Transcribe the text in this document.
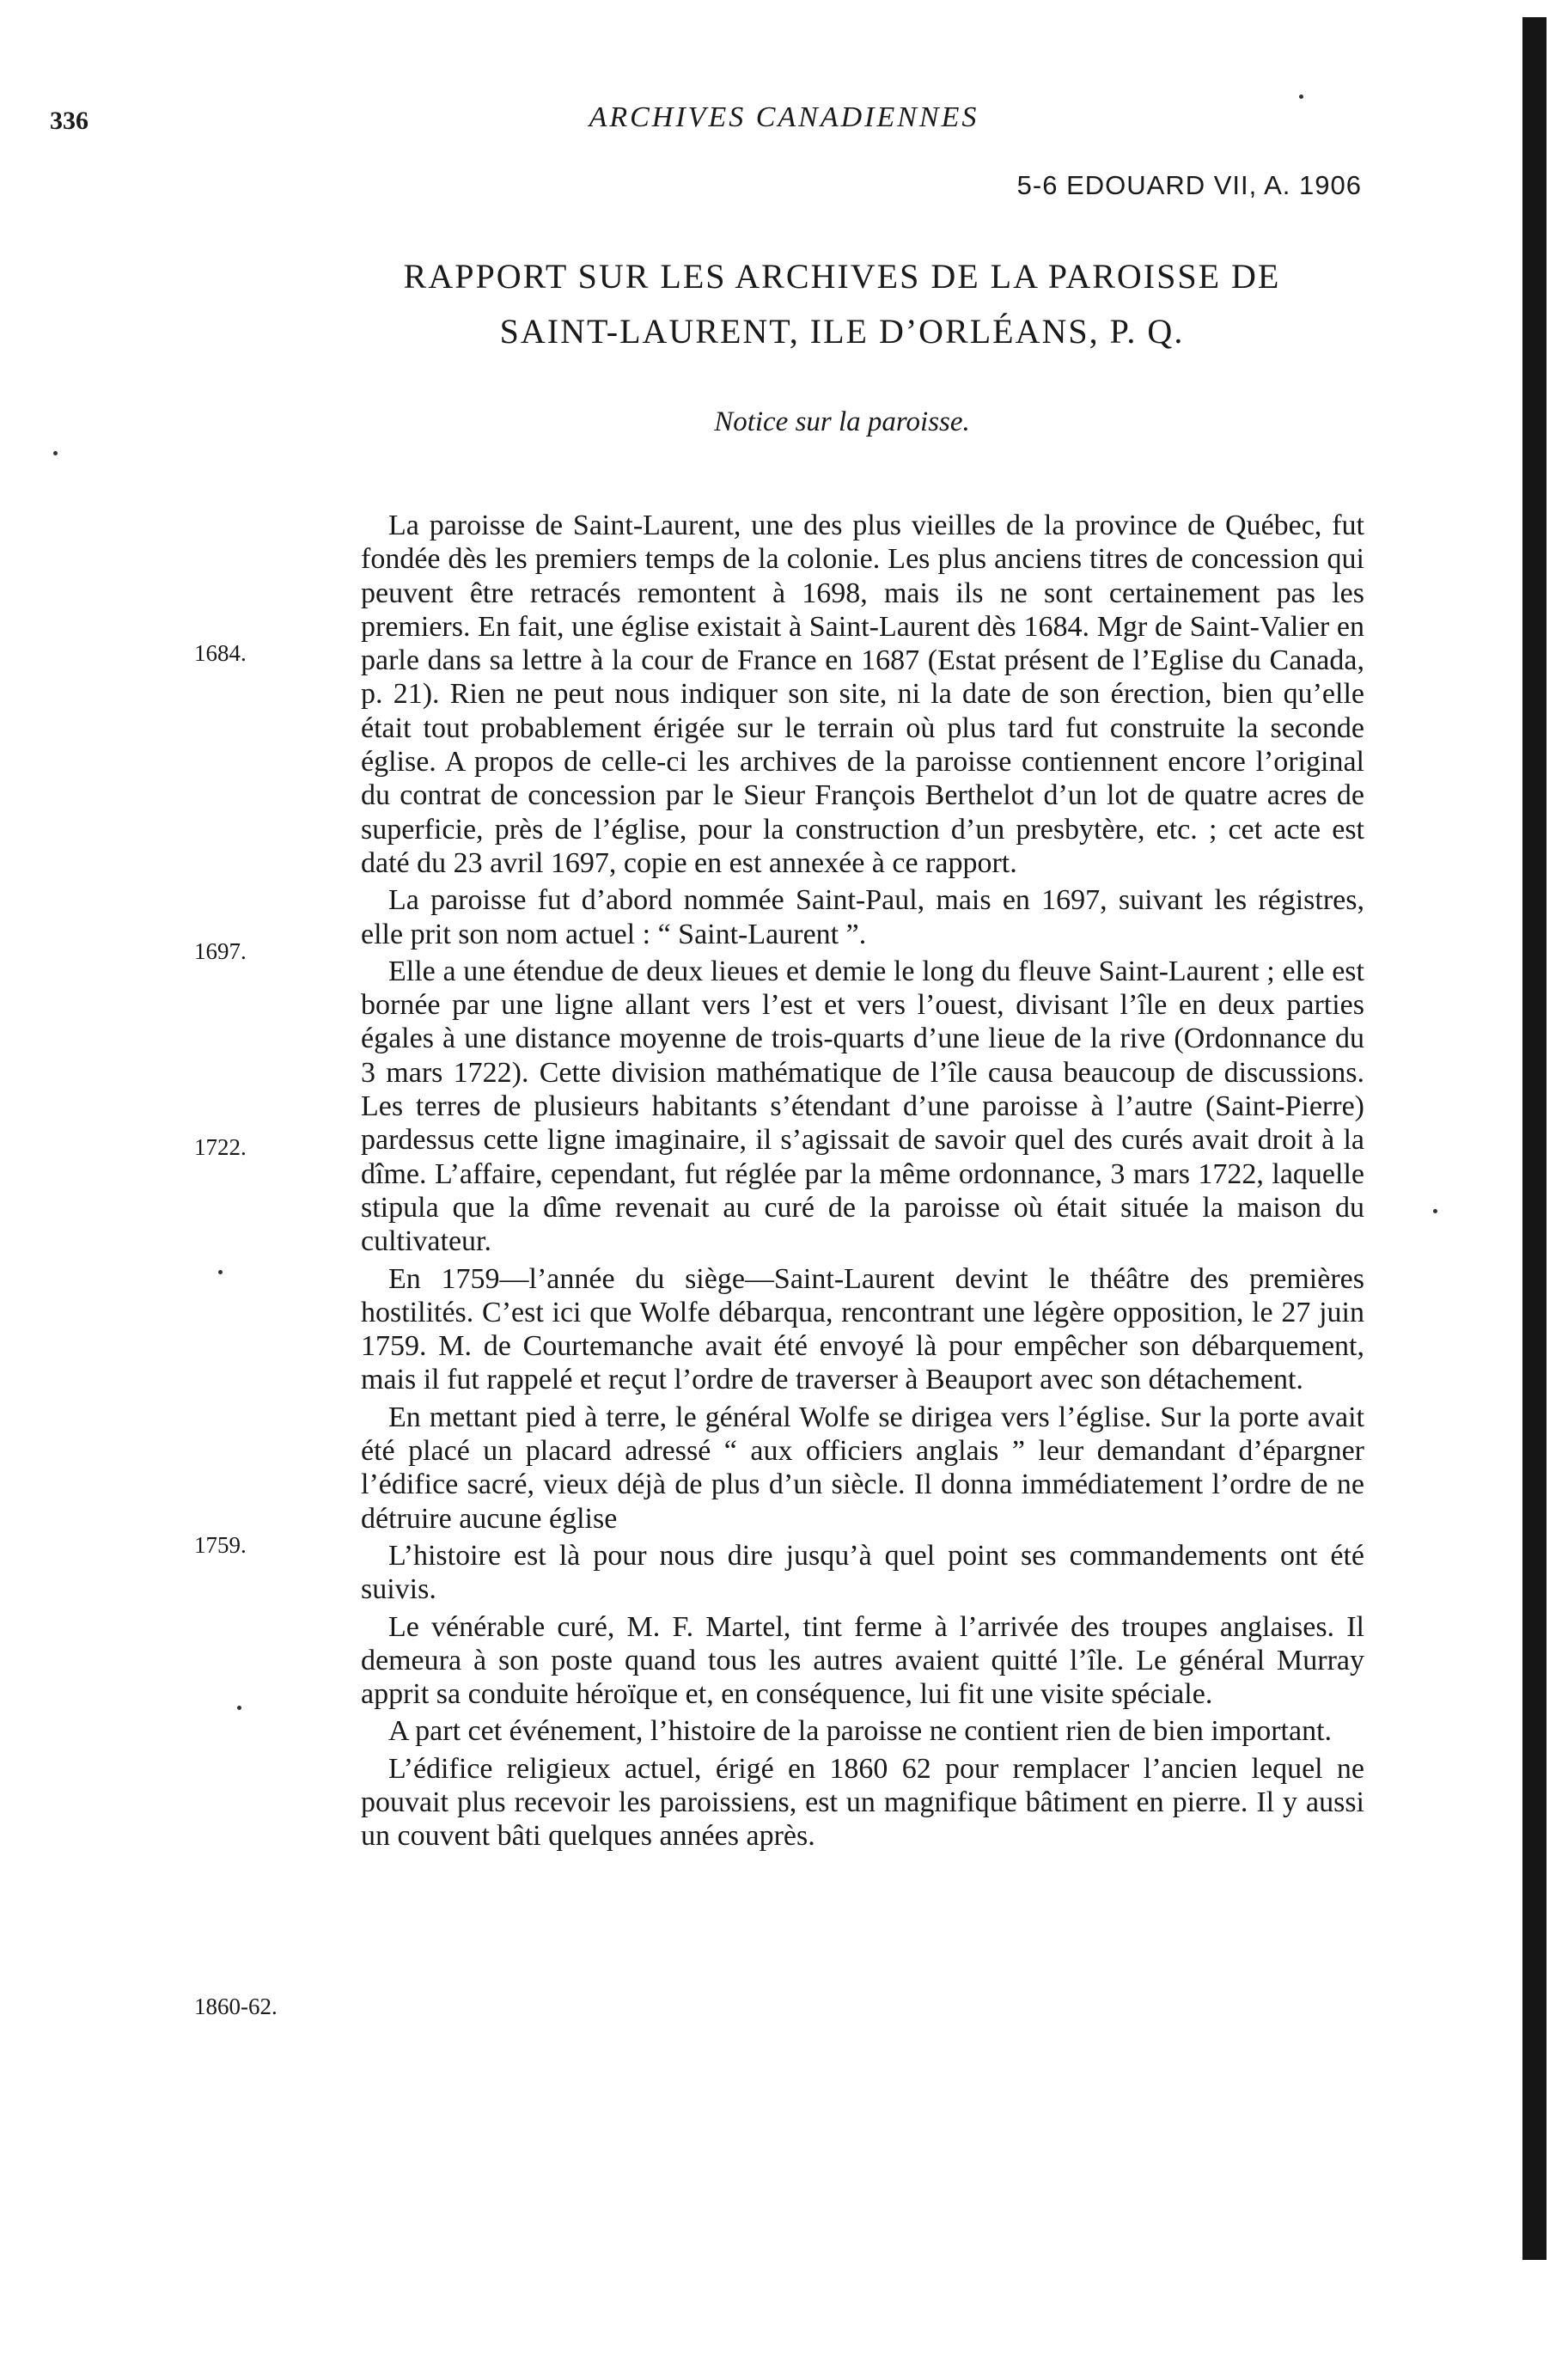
336	ARCHIVES CANADIENNES
5-6 EDOUARD VII, A. 1906
RAPPORT SUR LES ARCHIVES DE LA PAROISSE DE
SAINT-LAURENT, ILE D’ORLÉANS, P. Q.
Notice sur la paroisse.
1684.
1697.
1722.
1759.
1860-62.

La paroisse de Saint-Laurent, une des plus vieilles de la province de Québec, fut fondée dès les premiers temps de la colonie. Les plus anciens titres de concession qui peuvent être retracés remontent à 1698, mais ils ne sont certainement pas les premiers. En fait, une église existait à Saint-Laurent dès 1684. Mgr de Saint-Valier en parle dans sa lettre à la cour de France en 1687 (Estat présent de l’Eglise du Canada, p. 21). Rien ne peut nous indiquer son site, ni la date de son érection, bien qu’elle était tout probablement érigée sur le terrain où plus tard fut construite la seconde église. A propos de celle-ci les archives de la paroisse contiennent encore l’original du contrat de concession par le Sieur François Berthelot d’un lot de quatre acres de superficie, près de l’église, pour la construction d’un presbytère, etc. ; cet acte est daté du 23 avril 1697, copie en est annexée à ce rapport.

La paroisse fut d’abord nommée Saint-Paul, mais en 1697, suivant les régistres, elle prit son nom actuel : “ Saint-Laurent ”.

Elle a une étendue de deux lieues et demie le long du fleuve Saint-Laurent ; elle est bornée par une ligne allant vers l’est et vers l’ouest, divisant l’île en deux parties égales à une distance moyenne de trois-quarts d’une lieue de la rive (Ordonnance du 3 mars 1722). Cette division mathématique de l’île causa beaucoup de discussions. Les terres de plusieurs habitants s’étendant d’une paroisse à l’autre (Saint-Pierre) pardessus cette ligne imaginaire, il s’agissait de savoir quel des curés avait droit à la dîme. L’affaire, cependant, fut réglée par la même ordonnance, 3 mars 1722, laquelle stipula que la dîme revenait au curé de la paroisse où était située la maison du cultivateur.

En 1759—l’année du siège—Saint-Laurent devint le théâtre des premières hostilités. C’est ici que Wolfe débarqua, rencontrant une légère opposition, le 27 juin 1759. M. de Courtemanche avait été envoyé là pour empêcher son débarquement, mais il fut rappelé et reçut l’ordre de traverser à Beauport avec son détachement.

En mettant pied à terre, le général Wolfe se dirigea vers l’église. Sur la porte avait été placé un placard adressé “ aux officiers anglais ” leur demandant d’épargner l’édifice sacré, vieux déjà de plus d’un siècle. Il donna immédiatement l’ordre de ne détruire aucune église

L’histoire est là pour nous dire jusqu’à quel point ses commandements ont été suivis.

Le vénérable curé, M. F. Martel, tint ferme à l’arrivée des troupes anglaises. Il demeura à son poste quand tous les autres avaient quitté l’île. Le général Murray apprit sa conduite héroïque et, en conséquence, lui fit une visite spéciale.

A part cet événement, l’histoire de la paroisse ne contient rien de bien important.

L’édifice religieux actuel, érigé en 1860 62 pour remplacer l’ancien lequel ne pouvait plus recevoir les paroissiens, est un magnifique bâtiment en pierre. Il y aussi un couvent bâti quelques années après.
